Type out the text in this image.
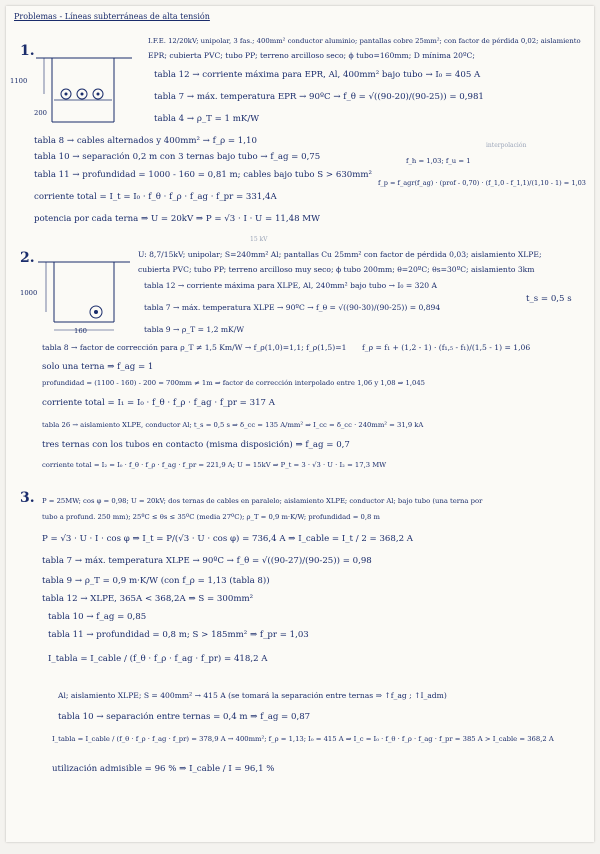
Problemas - Líneas subterráneas de alta tensión
1.
1100
200
I.F.E. 12/20kV; unipolar, 3 fas.; 400mm² conductor aluminio; pantallas cobre 25mm²; con factor de pérdida 0,02; aislamiento
EPR; cubierta PVC; tubo PP; terreno arcilloso seco; ϕ tubo=160mm; D mínima 20ºC;
tabla 12 → corriente máxima para EPR, Al, 400mm² bajo tubo → I₀ = 405 A
tabla 7 → máx. temperatura EPR → 90ºC → f_θ = √((90-20)/(90-25)) = 0,981
tabla 4 → ρ_T = 1 mK/W
tabla 8 → cables alternados y 400mm² → f_ρ = 1,10
tabla 10 → separación 0,2 m con 3 ternas bajo tubo → f_ag = 0,75
tabla 11 → profundidad = 1000 - 160 = 0,81 m; cables bajo tubo S > 630mm²
f_h = 1,03; f_u = 1
f_p = f_agr(f_ag) · (prof - 0,70) · (f_1,0 - f_1,1)/(1,10 - 1) = 1,03
interpolación
corriente total = I_t = I₀ · f_θ · f_ρ · f_ag · f_pr = 331,4A
potencia por cada terna ⇒ U = 20kV ⇒ P = √3 · I · U = 11,48 MW
2.
1000
160
15 kV
U: 8,7/15kV; unipolar; S=240mm² Al; pantallas Cu 25mm² con factor de pérdida 0,03; aislamiento XLPE;
cubierta PVC; tubo PP; terreno arcilloso muy seco; ϕ tubo 200mm; θ=20ºC; θs=30ºC; aislamiento 3km
tabla 12 → corriente máxima para XLPE, Al, 240mm² bajo tubo → I₀ = 320 A
t_s = 0,5 s
tabla 7 → máx. temperatura XLPE → 90ºC → f_θ = √((90-30)/(90-25)) = 0,894
tabla 9 → ρ_T = 1,2 mK/W
tabla 8 → factor de corrección para ρ_T ≠ 1,5 Km/W → f_ρ(1,0)=1,1; f_ρ(1,5)=1 f_ρ = f₁ + (1,2 - 1) · (f₁,₅ - f₁)/(1,5 - 1) = 1,06
solo una terna ⇒ f_ag = 1
profundidad = (1100 - 160) - 200 = 700mm ≠ 1m ⇒ factor de corrección interpolado entre 1,06 y 1,08 ⇒ 1,045
corriente total = I₁ = I₀ · f_θ · f_ρ · f_ag · f_pr = 317 A
tabla 26 → aislamiento XLPE, conductor Al; t_s = 0,5 s ⇒ δ_cc = 135 A/mm² ⇒ I_cc = δ_cc · 240mm² = 31,9 kA
tres ternas con los tubos en contacto (misma disposición) ⇒ f_ag = 0,7
corriente total = I₂ = I₀ · f_θ · f_ρ · f_ag · f_pr = 221,9 A; U = 15kV ⇒ P_t = 3 · √3 · U · I₂ = 17,3 MW
3. P = 25MW; cos φ = 0,98; U = 20kV; dos ternas de cables en paralelo; aislamiento XLPE; conductor Al; bajo tubo (una terna por
tubo a profund. 250 mm); 25ºC ≤ θs ≤ 35ºC (media 27ºC); ρ_T = 0,9 m·K/W; profundidad = 0,8 m
P = √3 · U · I · cos φ ⇒ I_t = P/(√3 · U · cos φ) = 736,4 A ⇒ I_cable = I_t / 2 = 368,2 A
tabla 7 → máx. temperatura XLPE → 90ºC → f_θ = √((90-27)/(90-25)) = 0,98
tabla 9 → ρ_T = 0,9 m·K/W (con f_ρ = 1,13 (tabla 8))
tabla 12 → XLPE, 365A < 368,2A ⇒ S = 300mm²
tabla 10 → f_ag = 0,85
tabla 11 → profundidad = 0,8 m; S > 185mm² ⇒ f_pr = 1,03
I_tabla = I_cable / (f_θ · f_ρ · f_ag · f_pr) = 418,2 A
Al; aislamiento XLPE; S = 400mm² → 415 A (se tomará la separación entre ternas ⇒ ↑f_ag ; ↑I_adm)
tabla 10 → separación entre ternas = 0,4 m ⇒ f_ag = 0,87
I_tabla = I_cable / (f_θ · f_ρ · f_ag · f_pr) = 378,9 A → 400mm²; f_ρ = 1,13; I₀ = 415 A ⇒ I_c = I₀ · f_θ · f_ρ · f_ag · f_pr = 385 A > I_cable = 368,2 A
utilización admisible = 96 % ⇒ I_cable / I = 96,1 %
